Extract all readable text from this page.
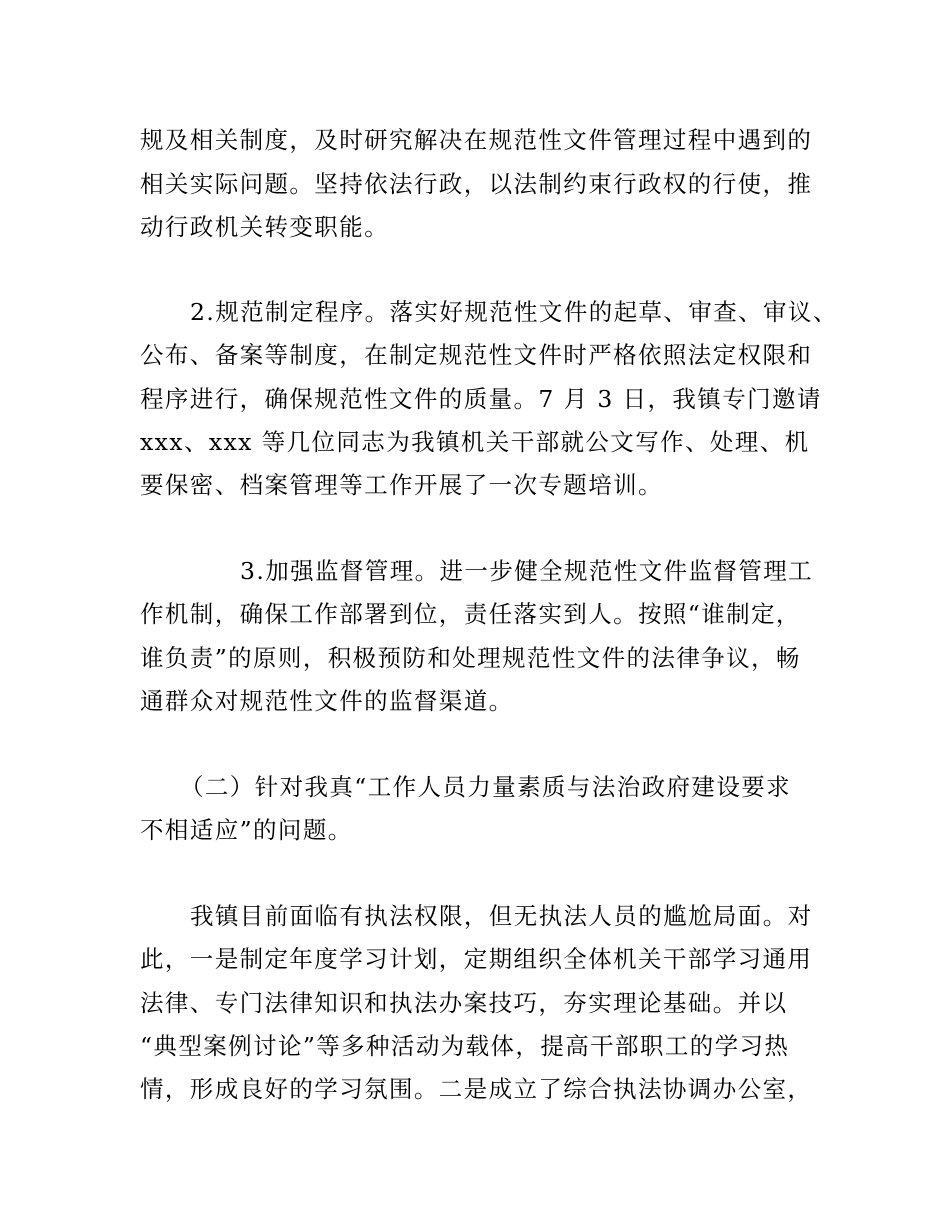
规及相关制度，及时研究解决在规范性文件管理过程中遇到的
相关实际问题。坚持依法行政，以法制约束行政权的行使，推
动行政机关转变职能。
2.规范制定程序。落实好规范性文件的起草、审查、审议、
公布、备案等制度，在制定规范性文件时严格依照法定权限和
程序进行，确保规范性文件的质量。7 月 3 日，我镇专门邀请
xxx、xxx 等几位同志为我镇机关干部就公文写作、处理、机
要保密、档案管理等工作开展了一次专题培训。
3.加强监督管理。进一步健全规范性文件监督管理工
作机制，确保工作部署到位，责任落实到人。按照“谁制定，
谁负责”的原则，积极预防和处理规范性文件的法律争议，畅
通群众对规范性文件的监督渠道。
（二）针对我真“工作人员力量素质与法治政府建设要求
不相适应”的问题。
我镇目前面临有执法权限，但无执法人员的尴尬局面。对
此，一是制定年度学习计划，定期组织全体机关干部学习通用
法律、专门法律知识和执法办案技巧，夯实理论基础。并以
“典型案例讨论”等多种活动为载体，提高干部职工的学习热
情，形成良好的学习氛围。二是成立了综合执法协调办公室，
